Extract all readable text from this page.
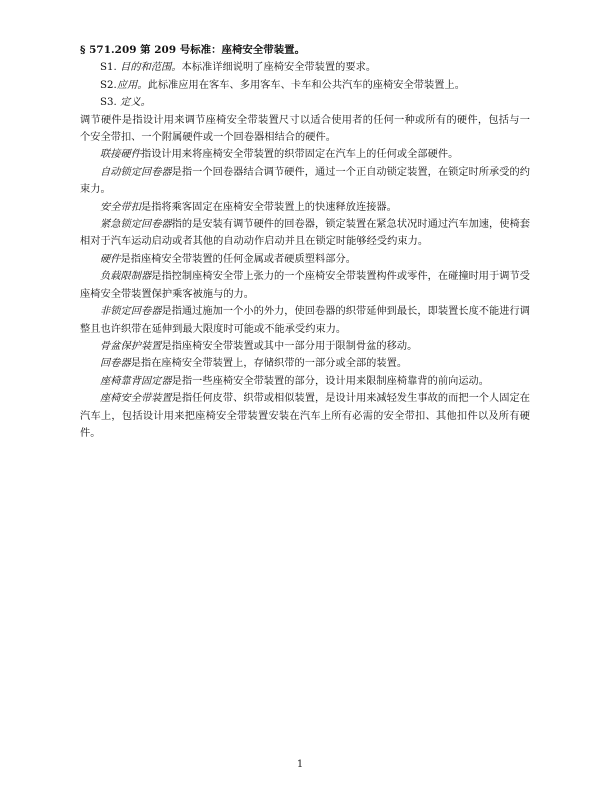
§ 571.209 第 209 号标准：座椅安全带装置。

S1. 目的和范围。本标准详细说明了座椅安全带装置的要求。

S2.应用。此标准应用在客车、多用客车、卡车和公共汽车的座椅安全带装置上。

S3. 定义。

调节硬件是指设计用来调节座椅安全带装置尺寸以适合使用者的任何一种或所有的硬件，包括与一个安全带扣、一个附属硬件或一个回卷器相结合的硬件。

联接硬件指设计用来将座椅安全带装置的织带固定在汽车上的任何或全部硬件。

自动锁定回卷器是指一个回卷器结合调节硬件，通过一个正自动锁定装置，在锁定时所承受的约束力。

安全带扣是指将乘客固定在座椅安全带装置上的快速释放连接器。

紧急锁定回卷器指的是安装有调节硬件的回卷器，锁定装置在紧急状况时通过汽车加速，使椅套相对于汽车运动启动或者其他的自动动作启动并且在锁定时能够经受约束力。

硬件是指座椅安全带装置的任何金属或者硬质塑料部分。

负载限制器是指控制座椅安全带上张力的一个座椅安全带装置构件或零件，在碰撞时用于调节受座椅安全带装置保护乘客被施与的力。

非锁定回卷器是指通过施加一个小的外力，使回卷器的织带延伸到最长，即装置长度不能进行调整且也许织带在延伸到最大限度时可能或不能承受约束力。

骨盆保护装置是指座椅安全带装置或其中一部分用于限制骨盆的移动。

回卷器是指在座椅安全带装置上，存储织带的一部分或全部的装置。

座椅靠背固定器是指一些座椅安全带装置的部分，设计用来限制座椅靠背的前向运动。

座椅安全带装置是指任何皮带、织带或相似装置，是设计用来减轻发生事故的而把一个人固定在汽车上，包括设计用来把座椅安全带装置安装在汽车上所有必需的安全带扣、其他扣件以及所有硬件。

1
